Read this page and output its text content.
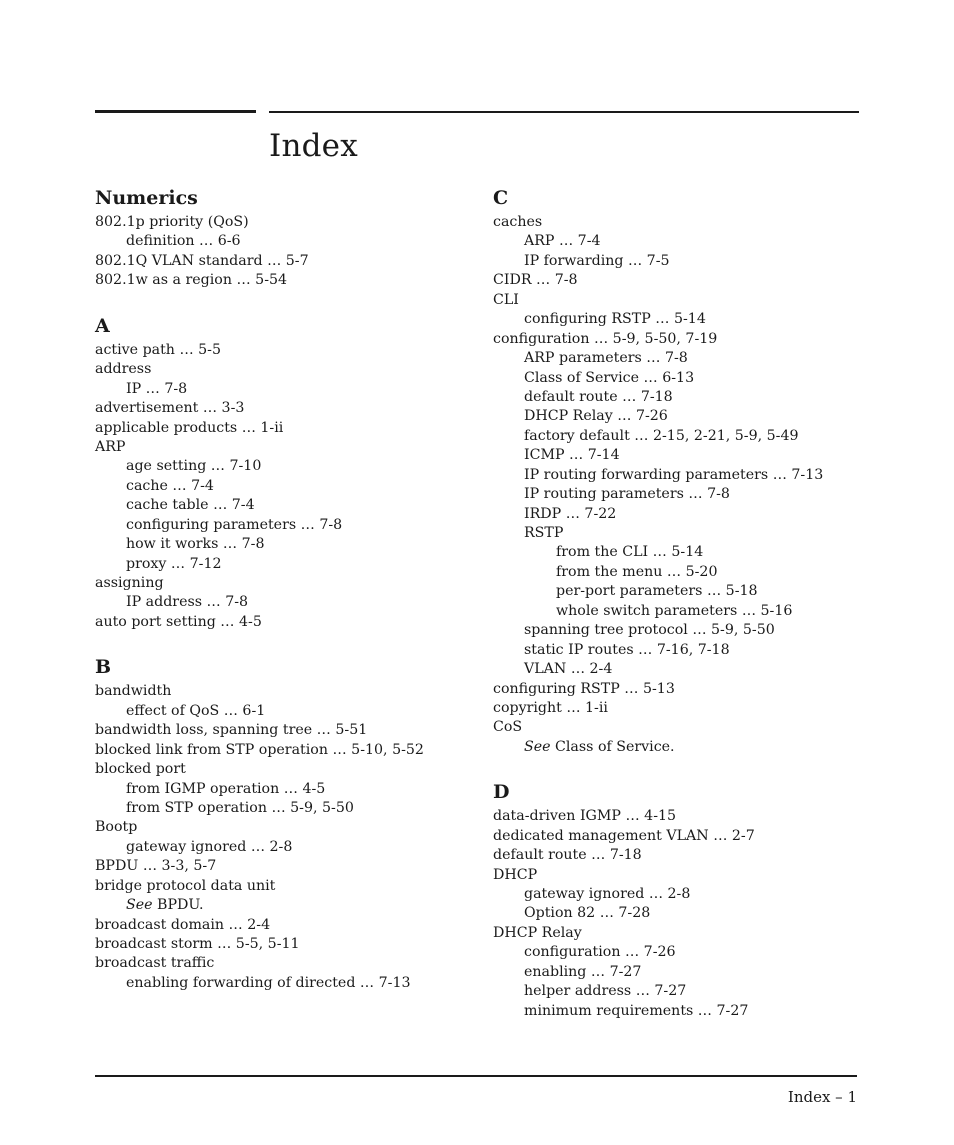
Index
Numerics
802.1p priority (QoS)
definition … 6-6
802.1Q VLAN standard … 5-7
802.1w as a region … 5-54
A
active path … 5-5
address
IP … 7-8
advertisement … 3-3
applicable products … 1-ii
ARP
age setting … 7-10
cache … 7-4
cache table … 7-4
configuring parameters … 7-8
how it works … 7-8
proxy … 7-12
assigning
IP address … 7-8
auto port setting … 4-5
B
bandwidth
effect of QoS … 6-1
bandwidth loss, spanning tree … 5-51
blocked link from STP operation … 5-10, 5-52
blocked port
from IGMP operation … 4-5
from STP operation … 5-9, 5-50
Bootp
gateway ignored … 2-8
BPDU … 3-3, 5-7
bridge protocol data unit
See BPDU.
broadcast domain … 2-4
broadcast storm … 5-5, 5-11
broadcast traffic
enabling forwarding of directed … 7-13
C
caches
ARP … 7-4
IP forwarding … 7-5
CIDR … 7-8
CLI
configuring RSTP … 5-14
configuration … 5-9, 5-50, 7-19
ARP parameters … 7-8
Class of Service … 6-13
default route … 7-18
DHCP Relay … 7-26
factory default … 2-15, 2-21, 5-9, 5-49
ICMP … 7-14
IP routing forwarding parameters … 7-13
IP routing parameters … 7-8
IRDP … 7-22
RSTP
from the CLI … 5-14
from the menu … 5-20
per-port parameters … 5-18
whole switch parameters … 5-16
spanning tree protocol … 5-9, 5-50
static IP routes … 7-16, 7-18
VLAN … 2-4
configuring RSTP … 5-13
copyright … 1-ii
CoS
See Class of Service.
D
data-driven IGMP … 4-15
dedicated management VLAN … 2-7
default route … 7-18
DHCP
gateway ignored … 2-8
Option 82 … 7-28
DHCP Relay
configuration … 7-26
enabling … 7-27
helper address … 7-27
minimum requirements … 7-27
Index – 1
